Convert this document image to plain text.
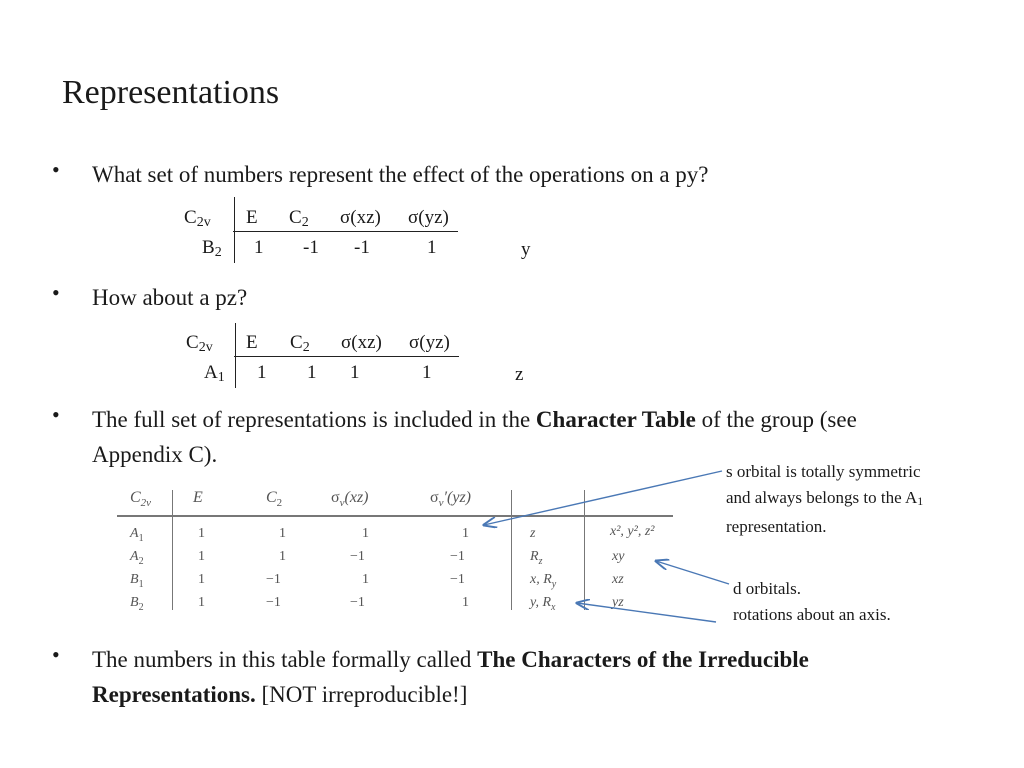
Representations
• What set of numbers represent the effect of the operations on a py?
$C_{2v}$ E $C_2$ σ(xz) σ(yz)
$B_2$ 1 -1 -1	1	y
• How about a pz?
$C_{2v}$ E $C_2$ σ(xz) σ(yz)
$A_1$ 1 1 1	1	z
• The full set of representations is included in the Character Table of the group (see Appendix C).
$C_{2v}$	E	$C_2$	$\sigma_v(xz)$	$\sigma_v'(yz)$
$A_1$	1	1	1	1	z	x², y², z²
$A_2$	1	1	−1	−1	$R_z$	xy
$B_1$	1	−1	1	−1	x, $R_y$	xz
$B_2$	1	−1	−1	1	y, $R_x$	yz
s orbital is totally symmetric
and always belongs to the A1
representation.
d orbitals.
rotations about an axis.
• The numbers in this table formally called The Characters of the Irreducible Representations. [NOT irreproducible!]
